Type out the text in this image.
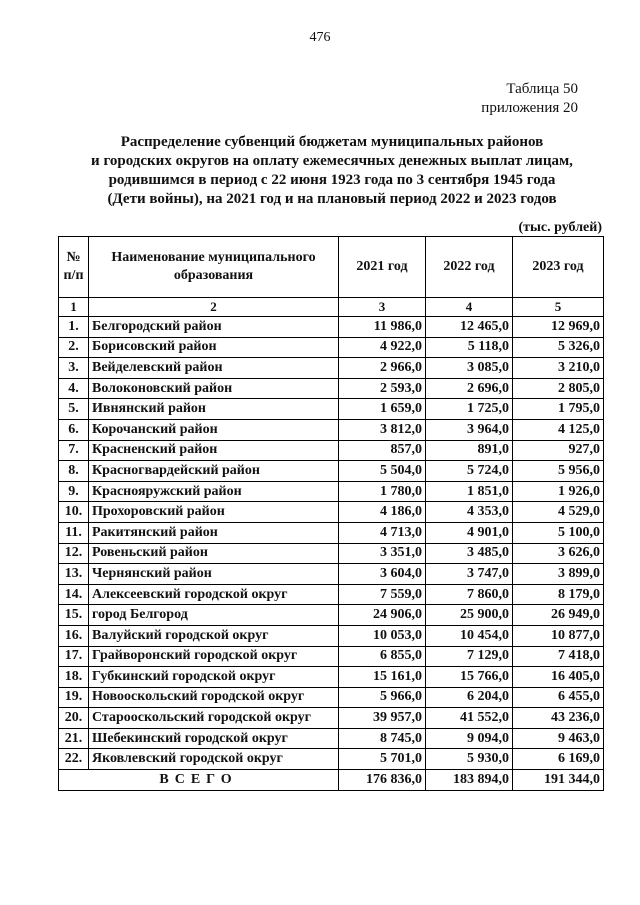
476
Таблица 50
приложения 20
Распределение субвенций бюджетам муниципальных районов
и городских округов на оплату ежемесячных денежных выплат лицам,
родившимся в период с 22 июня 1923 года по 3 сентября 1945 года
(Дети войны), на 2021 год и на плановый период 2022 и 2023 годов
(тыс. рублей)
№ п/п	Наименование муниципального образования	2021 год	2022 год	2023 год
1	2	3	4	5
1.	Белгородский район	11 986,0	12 465,0	12 969,0
2.	Борисовский район	4 922,0	5 118,0	5 326,0
3.	Вейделевский район	2 966,0	3 085,0	3 210,0
4.	Волоконовский район	2 593,0	2 696,0	2 805,0
5.	Ивнянский район	1 659,0	1 725,0	1 795,0
6.	Корочанский район	3 812,0	3 964,0	4 125,0
7.	Красненский район	857,0	891,0	927,0
8.	Красногвардейский район	5 504,0	5 724,0	5 956,0
9.	Краснояружский район	1 780,0	1 851,0	1 926,0
10.	Прохоровский район	4 186,0	4 353,0	4 529,0
11.	Ракитянский район	4 713,0	4 901,0	5 100,0
12.	Ровеньский район	3 351,0	3 485,0	3 626,0
13.	Чернянский район	3 604,0	3 747,0	3 899,0
14.	Алексеевский городской округ	7 559,0	7 860,0	8 179,0
15.	город Белгород	24 906,0	25 900,0	26 949,0
16.	Валуйский городской округ	10 053,0	10 454,0	10 877,0
17.	Грайворонский городской округ	6 855,0	7 129,0	7 418,0
18.	Губкинский городской округ	15 161,0	15 766,0	16 405,0
19.	Новооскольский городской округ	5 966,0	6 204,0	6 455,0
20.	Старооскольский городской округ	39 957,0	41 552,0	43 236,0
21.	Шебекинский городской округ	8 745,0	9 094,0	9 463,0
22.	Яковлевский городской округ	5 701,0	5 930,0	6 169,0
ВСЕГО		176 836,0	183 894,0	191 344,0
